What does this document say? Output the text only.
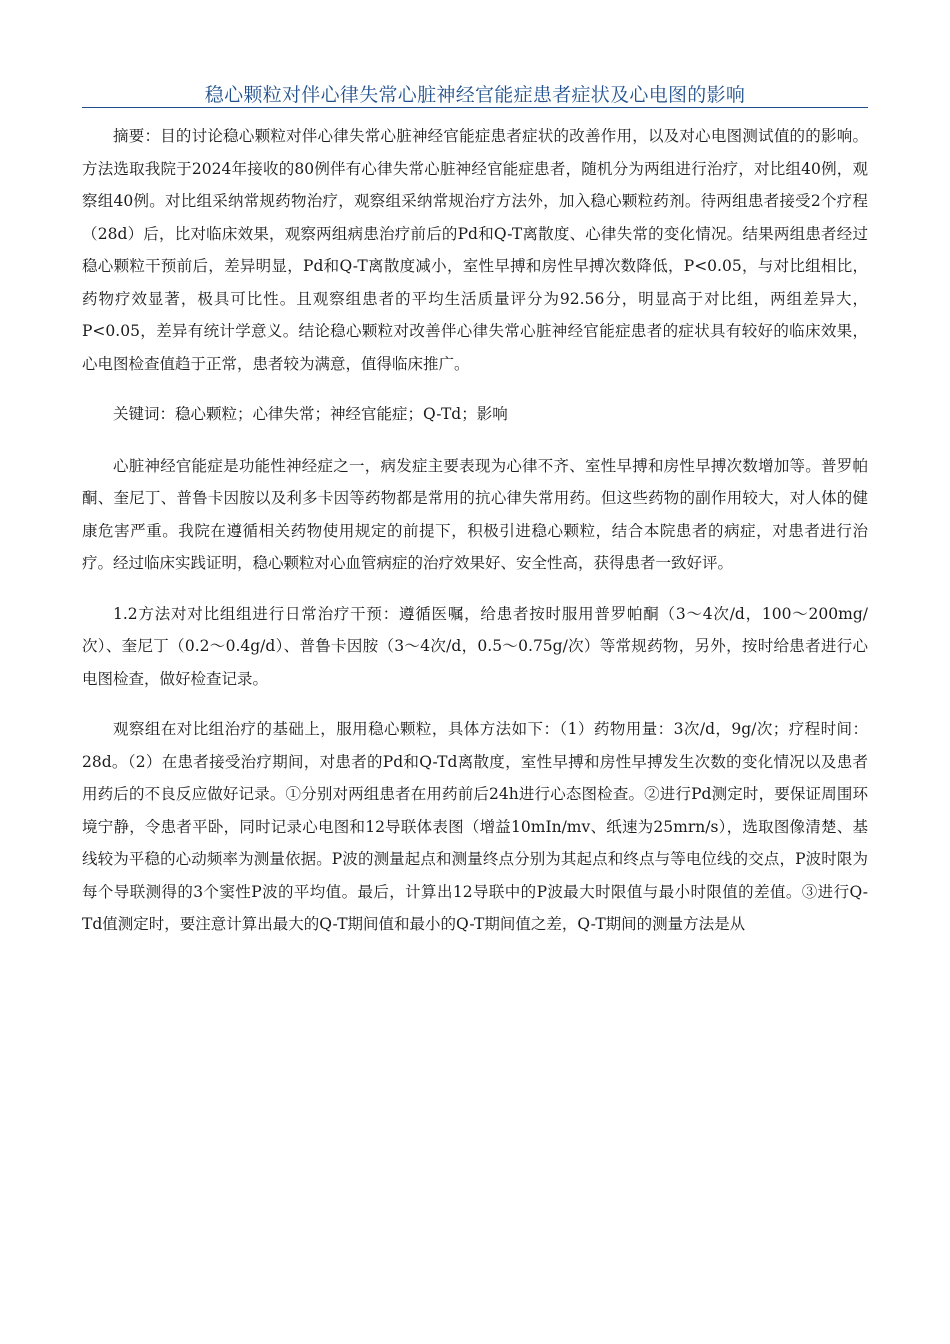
稳心颗粒对伴心律失常心脏神经官能症患者症状及心电图的影响

摘要：目的讨论稳心颗粒对伴心律失常心脏神经官能症患者症状的改善作用，以及对心电图测试值的的影响。方法选取我院于2024年接收的80例伴有心律失常心脏神经官能症患者，随机分为两组进行治疗，对比组40例，观察组40例。对比组采纳常规药物治疗，观察组采纳常规治疗方法外，加入稳心颗粒药剂。待两组患者接受2个疗程（28d）后，比对临床效果，观察两组病患治疗前后的Pd和Q-T离散度、心律失常的变化情况。结果两组患者经过稳心颗粒干预前后，差异明显，Pd和Q-T离散度减小，室性早搏和房性早搏次数降低，P<0.05，与对比组相比，药物疗效显著，极具可比性。且观察组患者的平均生活质量评分为92.56分，明显高于对比组，两组差异大，P<0.05，差异有统计学意义。结论稳心颗粒对改善伴心律失常心脏神经官能症患者的症状具有较好的临床效果，心电图检查值趋于正常，患者较为满意，值得临床推广。

关键词：稳心颗粒；心律失常；神经官能症；Q-Td；影响

心脏神经官能症是功能性神经症之一，病发症主要表现为心律不齐、室性早搏和房性早搏次数增加等。普罗帕酮、奎尼丁、普鲁卡因胺以及利多卡因等药物都是常用的抗心律失常用药。但这些药物的副作用较大，对人体的健康危害严重。我院在遵循相关药物使用规定的前提下，积极引进稳心颗粒，结合本院患者的病症，对患者进行治疗。经过临床实践证明，稳心颗粒对心血管病症的治疗效果好、安全性高，获得患者一致好评。

1.2方法对对比组组进行日常治疗干预：遵循医嘱，给患者按时服用普罗帕酮（3～4次/d，100～200mg/次）、奎尼丁（0.2～0.4g/d）、普鲁卡因胺（3～4次/d，0.5～0.75g/次）等常规药物，另外，按时给患者进行心电图检查，做好检查记录。

观察组在对比组治疗的基础上，服用稳心颗粒，具体方法如下：（1）药物用量：3次/d，9g/次；疗程时间：28d。（2）在患者接受治疗期间，对患者的Pd和Q-Td离散度，室性早搏和房性早搏发生次数的变化情况以及患者用药后的不良反应做好记录。①分别对两组患者在用药前后24h进行心态图检查。②进行Pd测定时，要保证周围环境宁静，令患者平卧，同时记录心电图和12导联体表图（增益10mIn/mv、纸速为25mrn/s），选取图像清楚、基线较为平稳的心动频率为测量依据。P波的测量起点和测量终点分别为其起点和终点与等电位线的交点，P波时限为每个导联测得的3个窦性P波的平均值。最后，计算出12导联中的P波最大时限值与最小时限值的差值。③进行Q-Td值测定时，要注意计算出最大的Q-T期间值和最小的Q-T期间值之差，Q-T期间的测量方法是从
